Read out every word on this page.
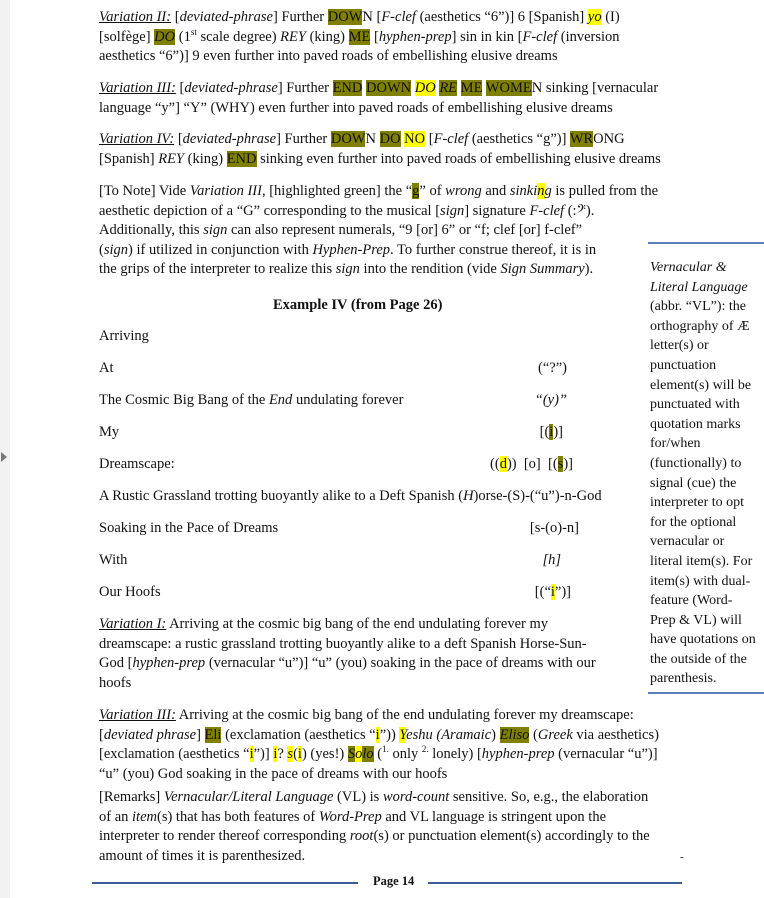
Variation II: [deviated-phrase] Further DOWN [F-clef (aesthetics “6”)] 6 [Spanish] yo (I)
[solfège] DO (1st scale degree) REY (king) ME [hyphen-prep] sin in kin [F-clef (inversion
aesthetics “6”)] 9 even further into paved roads of embellishing elusive dreams
Variation III: [deviated-phrase] Further END DOWN DO RE ME WOMEN sinking [vernacular
language “y”] “Y” (WHY) even further into paved roads of embellishing elusive dreams
Variation IV: [deviated-phrase] Further DOWN DO NO [F-clef (aesthetics “g”)] WRONG
[Spanish] REY (king) END sinking even further into paved roads of embellishing elusive dreams
[To Note] Vide Variation III, [highlighted green] the “g” of wrong and sinking is pulled from the
aesthetic depiction of a “G” corresponding to the musical [sign] signature F-clef (:𝄢).
Additionally, this sign can also represent numerals, “9 [or] 6” or “f; clef [or] f-clef”
(sign) if utilized in conjunction with Hyphen-Prep. To further construe thereof, it is in
the grips of the interpreter to realize this sign into the rendition (vide Sign Summary).
Example IV (from Page 26)
Arriving
At	(“?”)
The Cosmic Big Bang of the End undulating forever	“(y)”
My	[(i)]
Dreamscape:	((d))  [o]  [(s)]
A Rustic Grassland trotting buoyantly alike to a Deft Spanish (H)orse-(S)-(“u”)-n-God
Soaking in the Pace of Dreams	[s-(o)-n]
With	[h]
Our Hoofs	[(“i”)]
Variation I: Arriving at the cosmic big bang of the end undulating forever my
dreamscape: a rustic grassland trotting buoyantly alike to a deft Spanish Horse-Sun-
God [hyphen-prep (vernacular “u”)] “u” (you) soaking in the pace of dreams with our
hoofs
Variation III: Arriving at the cosmic big bang of the end undulating forever my dreamscape:
[deviated phrase] Eli (exclamation (aesthetics “i”)) Yeshu (Aramaic) Eliso (Greek via aesthetics)
[exclamation (aesthetics “i”)] i? s(i) (yes!) Solo ($^{1.}$ only $^{2.}$ lonely) [hyphen-prep (vernacular “u”)]
“u” (you) God soaking in the pace of dreams with our hoofs
[Remarks] Vernacular/Literal Language (VL) is word-count sensitive. So, e.g., the elaboration
of an item(s) that has both features of Word-Prep and VL language is stringent upon the
interpreter to render thereof corresponding root(s) or punctuation element(s) accordingly to the
amount of times it is parenthesized.
Vernacular &
Literal Language
(abbr. “VL”): the
orthography of Æ
letter(s) or
punctuation
element(s) will be
punctuated with
quotation marks
for/when
(functionally) to
signal (cue) the
interpreter to opt
for the optional
vernacular or
literal item(s). For
item(s) with dual-
feature (Word-
Prep & VL) will
have quotations on
the outside of the
parenthesis.
-
Page 14
